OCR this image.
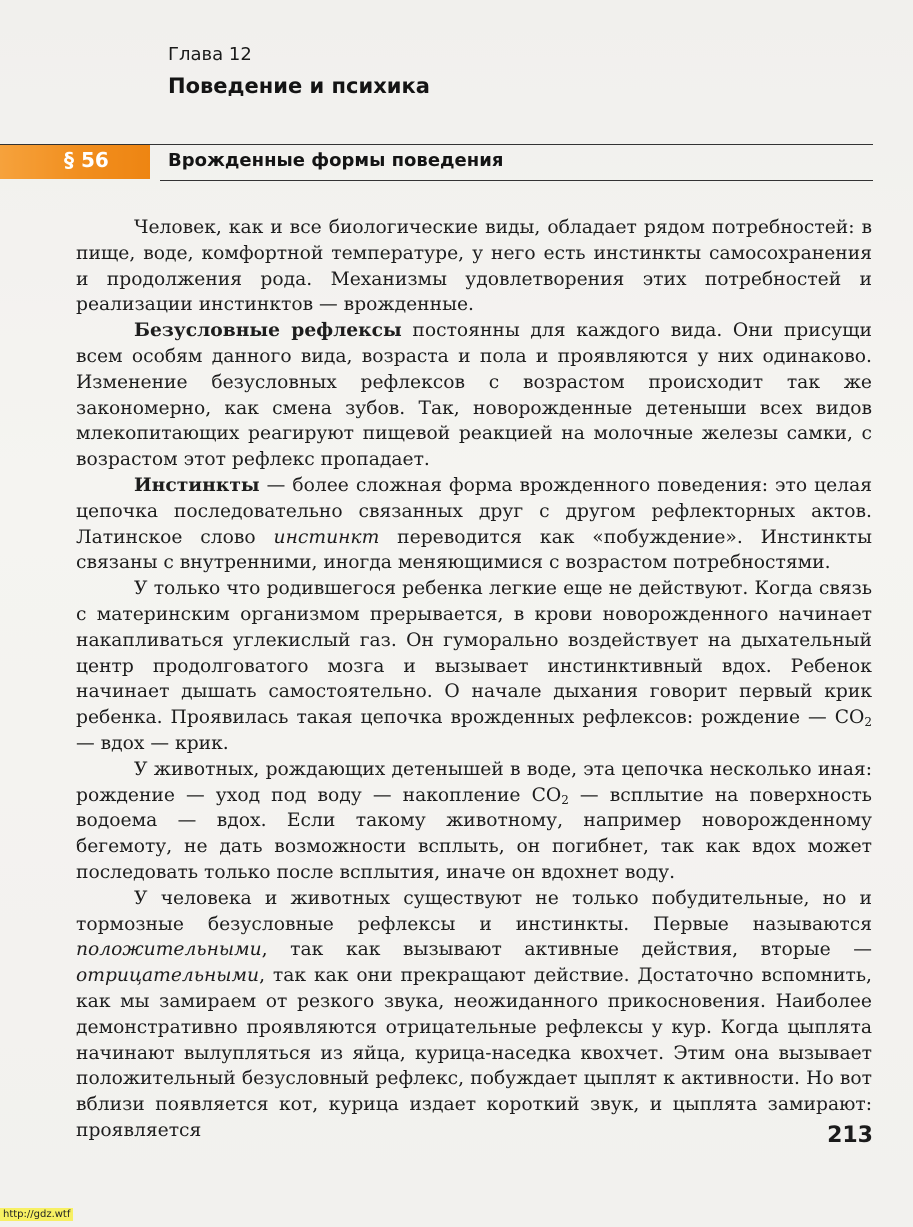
Глава 12
Поведение и психика
§ 56	Врожденные формы поведения

Человек, как и все биологические виды, обладает рядом потребностей: в пище, воде, комфортной температуре, у него есть инстинкты самосохранения и продолжения рода. Механизмы удовлетворения этих потребностей и реализации инстинктов — врожденные.

Безусловные рефлексы постоянны для каждого вида. Они присущи всем особям данного вида, возраста и пола и проявляются у них одинаково. Изменение безусловных рефлексов с возрастом происходит так же закономерно, как смена зубов. Так, новорожденные детеныши всех видов млекопитающих реагируют пищевой реакцией на молочные железы самки, с возрастом этот рефлекс пропадает.

Инстинкты — более сложная форма врожденного поведения: это целая цепочка последовательно связанных друг с другом рефлекторных актов. Латинское слово инстинкт переводится как «побуждение». Инстинкты связаны с внутренними, иногда меняющимися с возрастом потребностями.

У только что родившегося ребенка легкие еще не действуют. Когда связь с материнским организмом прерывается, в крови новорожденного начинает накапливаться углекислый газ. Он гуморально воздействует на дыхательный центр продолговатого мозга и вызывает инстинктивный вдох. Ребенок начинает дышать самостоятельно. О начале дыхания говорит первый крик ребенка. Проявилась такая цепочка врожденных рефлексов: рождение — $CO_2$ — вдох — крик.

У животных, рождающих детенышей в воде, эта цепочка несколько иная: рождение — уход под воду — накопление $CO_2$ — всплытие на поверхность водоема — вдох. Если такому животному, например новорожденному бегемоту, не дать возможности всплыть, он погибнет, так как вдох может последовать только после всплытия, иначе он вдохнет воду.

У человека и животных существуют не только побудительные, но и тормозные безусловные рефлексы и инстинкты. Первые называются положительными, так как вызывают активные действия, вторые — отрицательными, так как они прекращают действие. Достаточно вспомнить, как мы замираем от резкого звука, неожиданного прикосновения. Наиболее демонстративно проявляются отрицательные рефлексы у кур. Когда цыплята начинают вылупляться из яйца, курица-наседка квохчет. Этим она вызывает положительный безусловный рефлекс, побуждает цыплят к активности. Но вот вблизи появляется кот, курица издает короткий звук, и цыплята замирают: проявляется	213
http://gdz.wtf
